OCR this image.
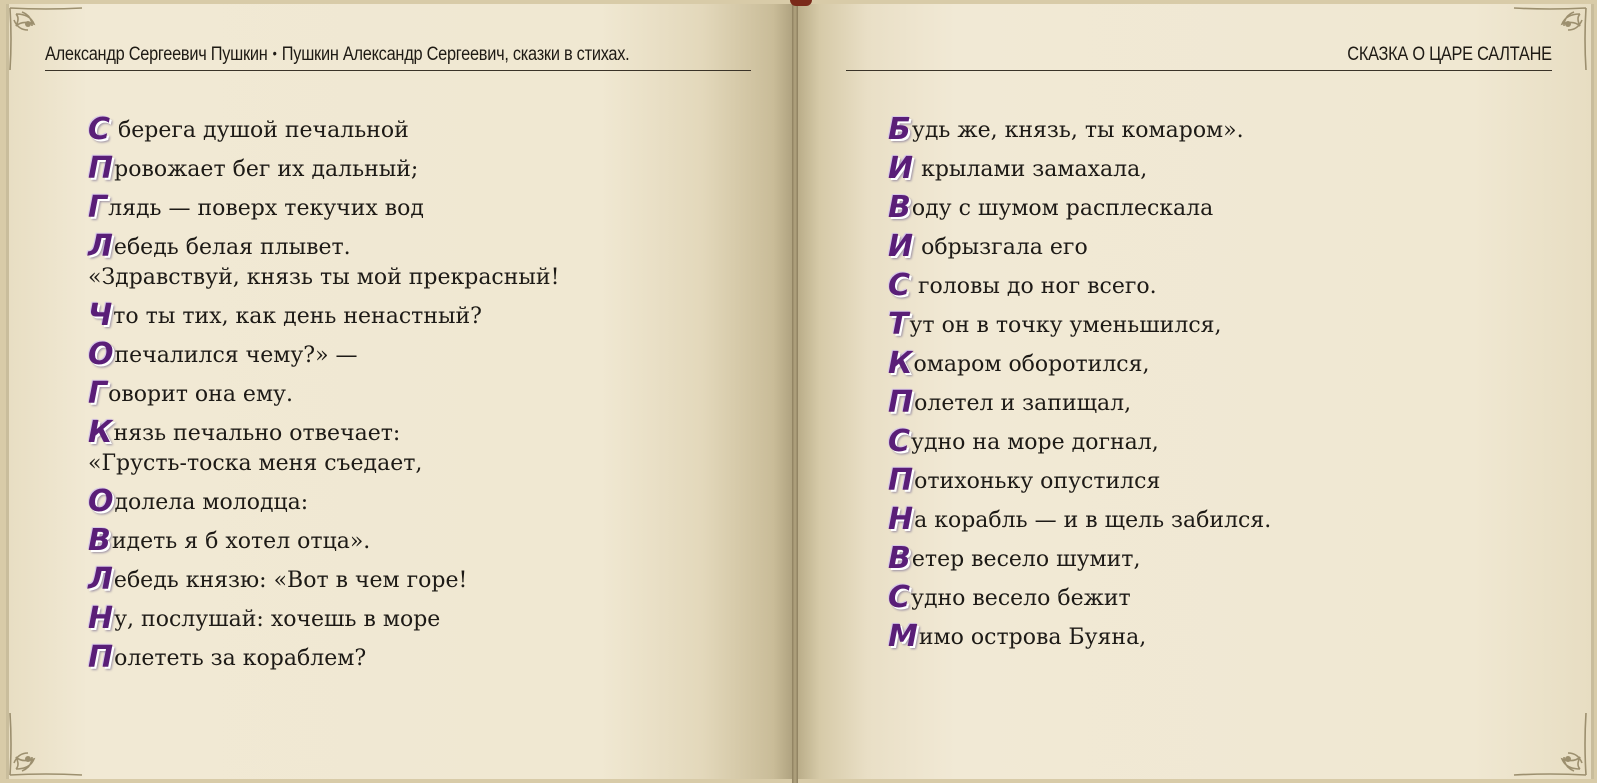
Александр Сергеевич Пушкин • Пушкин Александр Сергеевич, сказки в стихах.	СКАЗКА О ЦАРЕ САЛТАНЕ
С берега душой печальной
Провожает бег их дальный;
Глядь — поверх текучих вод
Лебедь белая плывет.
«Здравствуй, князь ты мой прекрасный!
Что ты тих, как день ненастный?
Опечалился чему?» —
Говорит она ему.
Князь печально отвечает:
«Грусть-тоска меня съедает,
Одолела молодца:
Видеть я б хотел отца».
Лебедь князю: «Вот в чем горе!
Ну, послушай: хочешь в море
Полететь за кораблем?
Будь же, князь, ты комаром».
И крылами замахала,
Воду с шумом расплескала
И обрызгала его
С головы до ног всего.
Тут он в точку уменьшился,
Комаром оборотился,
Полетел и запищал,
Судно на море догнал,
Потихоньку опустился
На корабль — и в щель забился.
Ветер весело шумит,
Судно весело бежит
Мимо острова Буяна,
